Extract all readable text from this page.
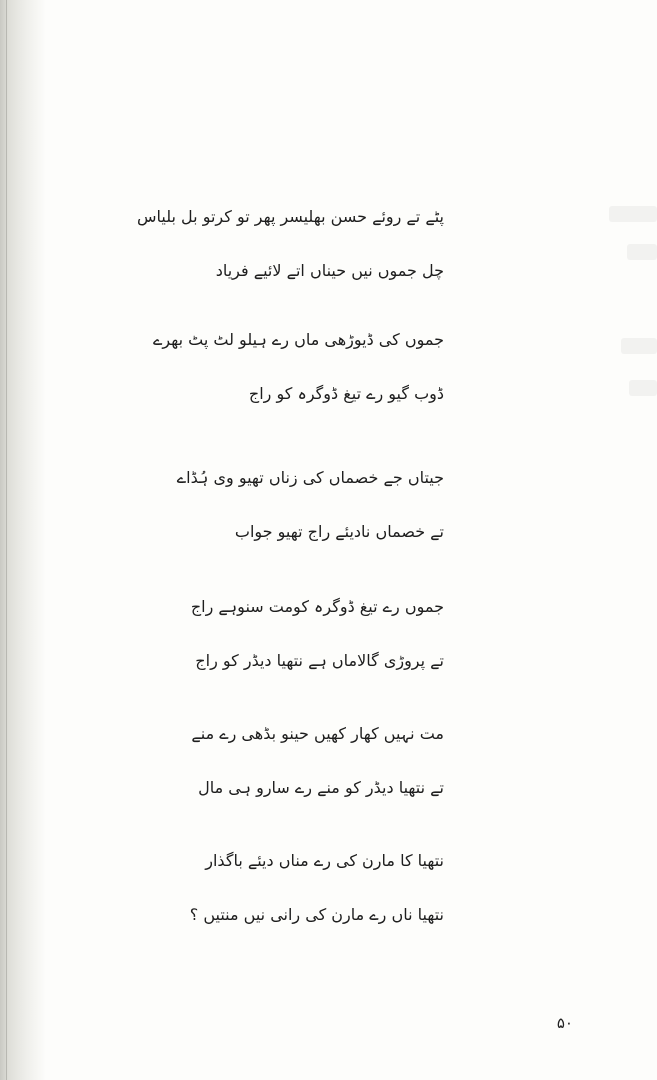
پٹے تے روئے حسن بھلیسر پھر تو کرتو بل بلیاس
چل جموں نیں حیناں اتے لائیے فریاد
جموں کی ڈیوڑھی ماں رے ہیلو لٹ پٹ بھرے
ڈوب گیو رے تیغ ڈوگرہ کو راج
جیتاں جے خصماں کی زناں تھیو وی ہُڈاے
تے خصماں نادیئے راج تھیو جواب
جموں رے تیغ ڈوگرہ کومت سنوہے راج
تے پروڑی گالاماں ہے نتھیا دیڈر کو راج
مت نہیں کھار کھیں حینو بڈھی رے منے
تے نتھیا دیڈر کو منے رے سارو ہی مال
نتھیا کا مارن کی رے مناں دیئے باگذار
نتھیا ناں رے مارن کی رانی نیں منتیں ؟
۵۰
